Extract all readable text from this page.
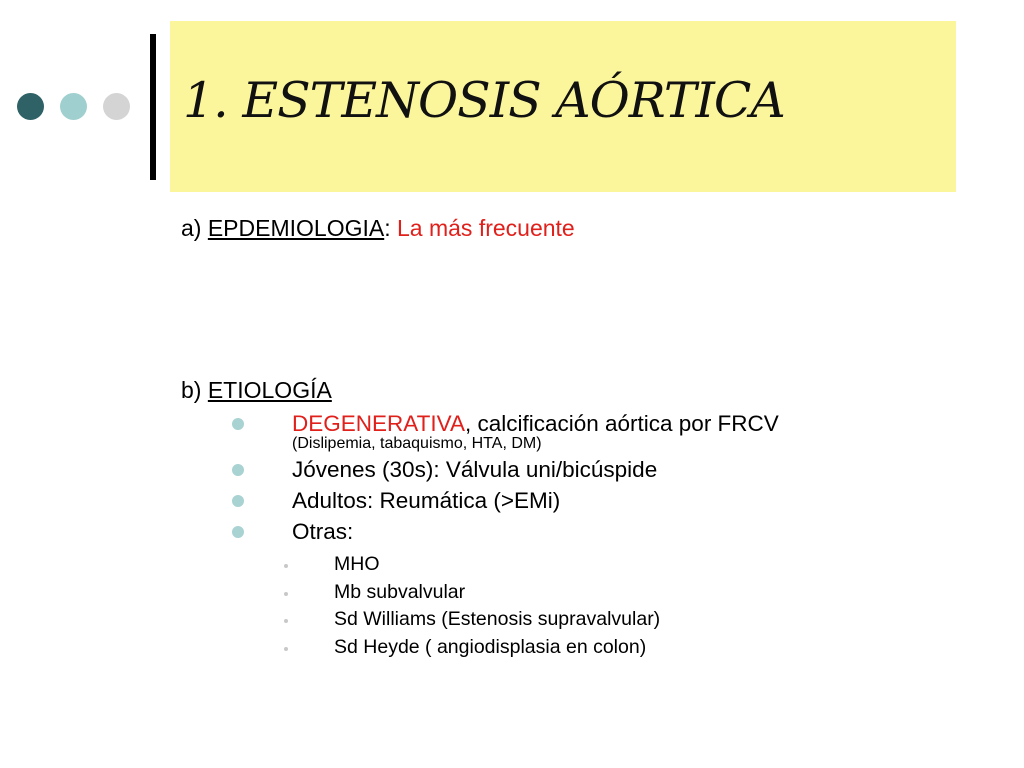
1. ESTENOSIS AÓRTICA
a) EPDEMIOLOGIA: La más frecuente
b) ETIOLOGÍA
DEGENERATIVA, calcificación aórtica por FRCV
(Dislipemia, tabaquismo, HTA, DM)
Jóvenes (30s): Válvula uni/bicúspide
Adultos: Reumática (>EMi)
Otras:
MHO
Mb subvalvular
Sd Williams (Estenosis supravalvular)
Sd Heyde ( angiodisplasia en colon)
